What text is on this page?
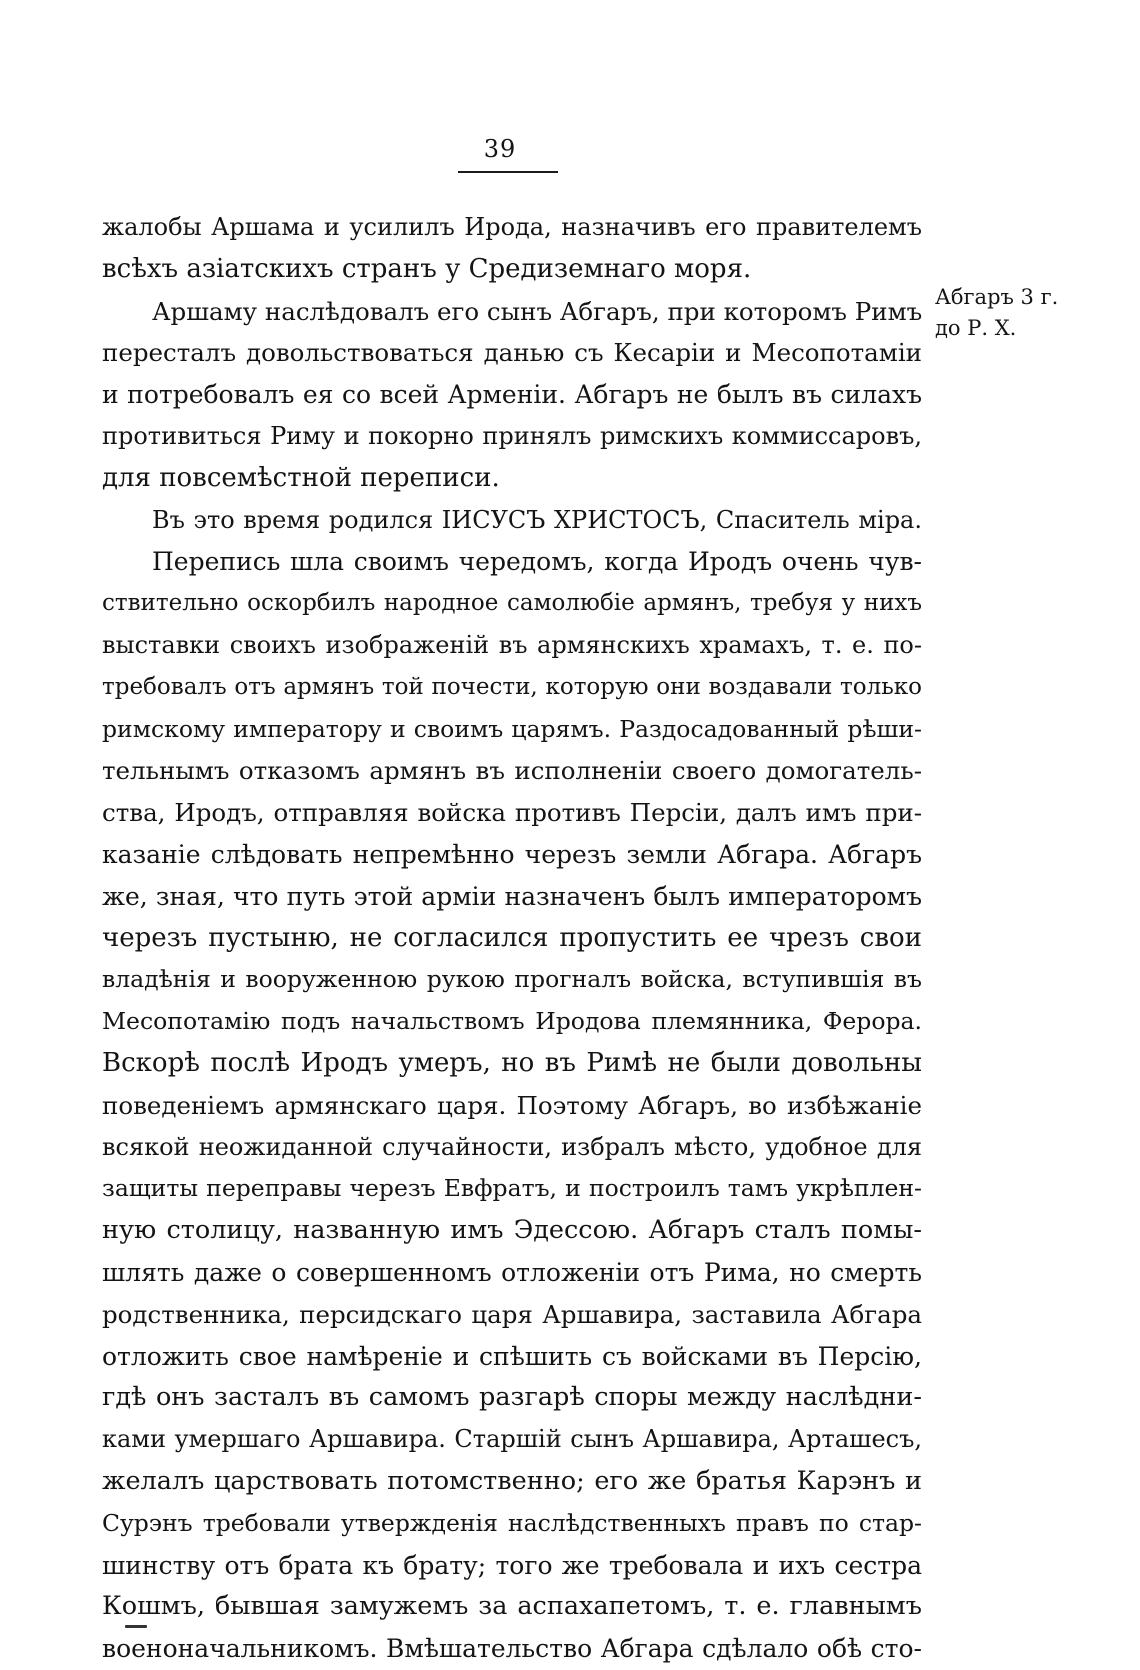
39
Абгаръ 3 г.
до Р. Х.
жалобы Аршама и усилилъ Ирода, назначивъ его правителемъ
всѣхъ азіатскихъ странъ у Средиземнаго моря.
Аршаму наслѣдовалъ его сынъ Абгаръ, при которомъ Римъ
пересталъ довольствоваться данью съ Кесаріи и Месопотаміи
и потребовалъ ея со всей Арменіи. Абгаръ не былъ въ силахъ
противиться Риму и покорно принялъ римскихъ коммиссаровъ,
для повсемѣстной переписи.
Въ это время родился ІИСУСЪ ХРИСТОСЪ, Спаситель міра.
Перепись шла своимъ чередомъ, когда Иродъ очень чув-
ствительно оскорбилъ народное самолюбіе армянъ, требуя у нихъ
выставки своихъ изображеній въ армянскихъ храмахъ, т. е. по-
требовалъ отъ армянъ той почести, которую они воздавали только
римскому императору и своимъ царямъ. Раздосадованный рѣши-
тельнымъ отказомъ армянъ въ исполненіи своего домогатель-
ства, Иродъ, отправляя войска противъ Персіи, далъ имъ при-
казаніе слѣдовать непремѣнно черезъ земли Абгара. Абгаръ
же, зная, что путь этой арміи назначенъ былъ императоромъ
черезъ пустыню, не согласился пропустить ее чрезъ свои
владѣнія и вооруженною рукою прогналъ войска, вступившія въ
Месопотамію подъ начальствомъ Иродова племянника, Ферора.
Вскорѣ послѣ Иродъ умеръ, но въ Римѣ не были довольны
поведеніемъ армянскаго царя. Поэтому Абгаръ, во избѣжаніе
всякой неожиданной случайности, избралъ мѣсто, удобное для
защиты переправы черезъ Евфратъ, и построилъ тамъ укрѣплен-
ную столицу, названную имъ Эдессою. Абгаръ сталъ помы-
шлять даже о совершенномъ отложеніи отъ Рима, но смерть
родственника, персидскаго царя Аршавира, заставила Абгара
отложить свое намѣреніе и спѣшить съ войсками въ Персію,
гдѣ онъ засталъ въ самомъ разгарѣ споры между наслѣдни-
ками умершаго Аршавира. Старшій сынъ Аршавира, Арташесъ,
желалъ царствовать потомственно; его же братья Карэнъ и
Сурэнъ требовали утвержденія наслѣдственныхъ правъ по стар-
шинству отъ брата къ брату; того же требовала и ихъ сестра
Кошмъ, бывшая замужемъ за аспахапетомъ, т. е. главнымъ
военоначальникомъ. Вмѣшательство Абгара сдѣлало обѣ сто-
